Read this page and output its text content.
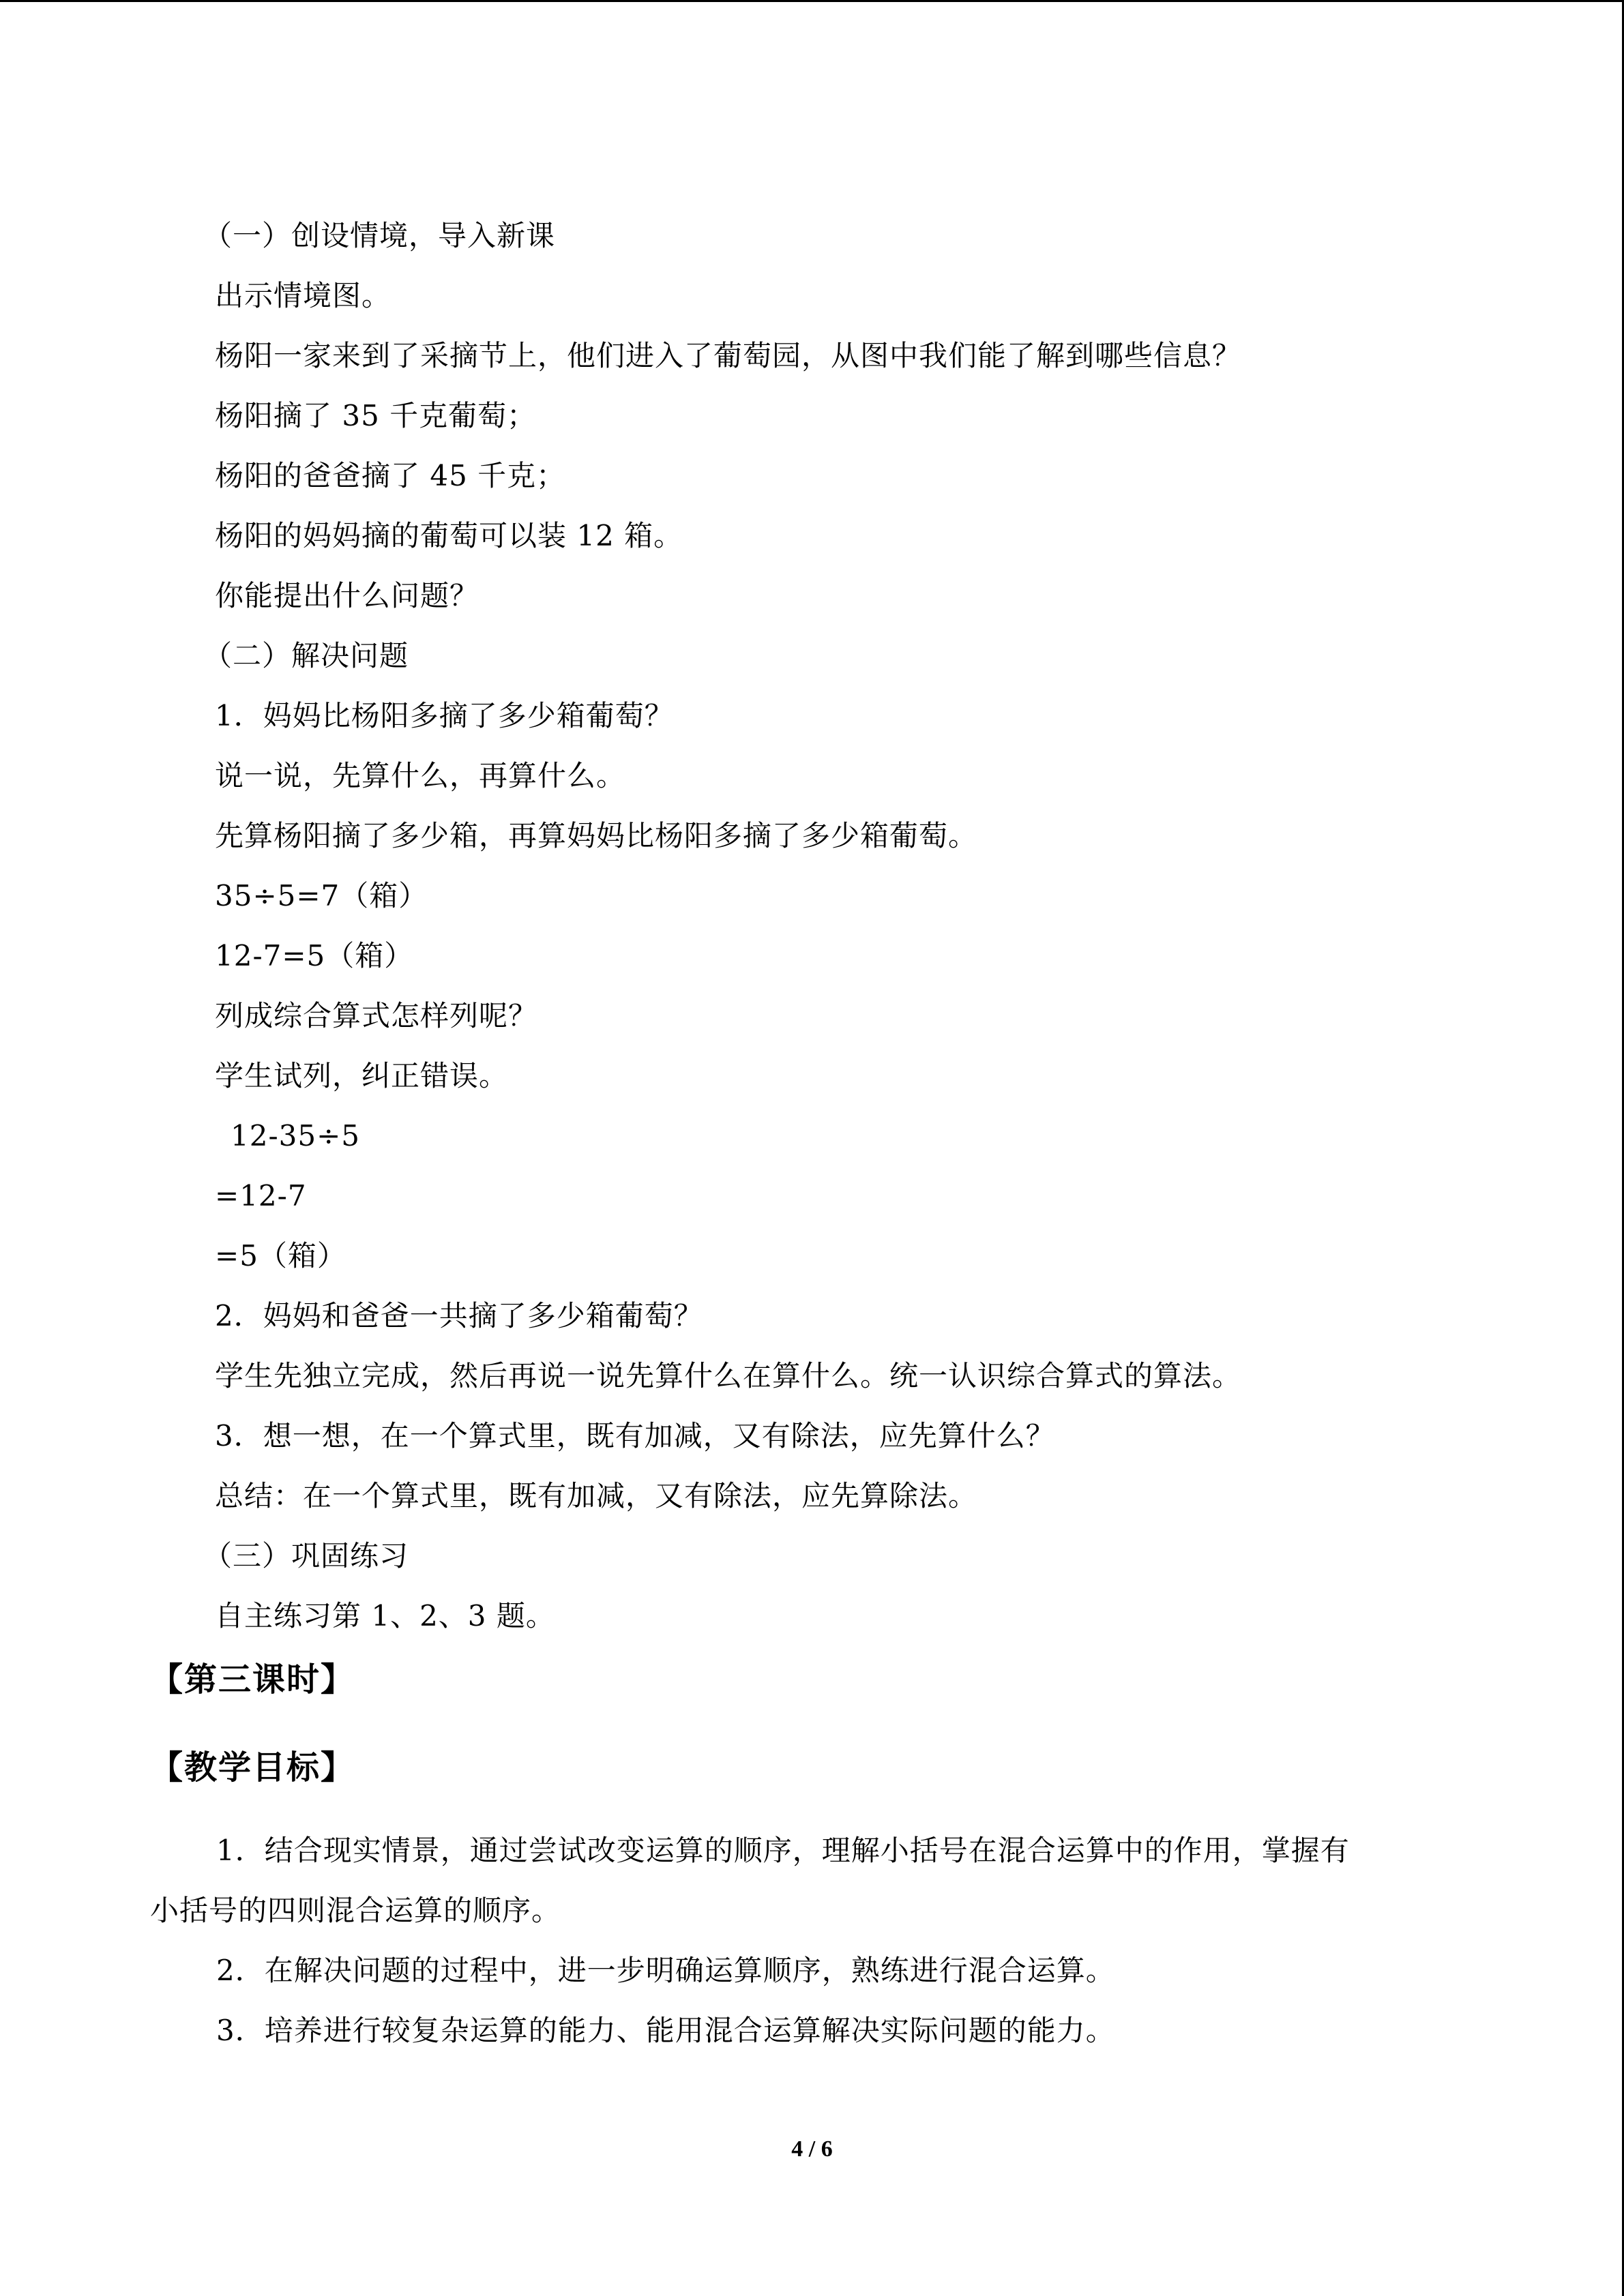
（一）创设情境，导入新课
出示情境图。
杨阳一家来到了采摘节上，他们进入了葡萄园，从图中我们能了解到哪些信息？
杨阳摘了 35 千克葡萄；
杨阳的爸爸摘了 45 千克；
杨阳的妈妈摘的葡萄可以装 12 箱。
你能提出什么问题？
（二）解决问题
1．妈妈比杨阳多摘了多少箱葡萄？
说一说，先算什么，再算什么。
先算杨阳摘了多少箱，再算妈妈比杨阳多摘了多少箱葡萄。
35÷5=7（箱）
12-7=5（箱）
列成综合算式怎样列呢？
学生试列，纠正错误。
12-35÷5
=12-7
=5（箱）
2．妈妈和爸爸一共摘了多少箱葡萄？
学生先独立完成，然后再说一说先算什么在算什么。统一认识综合算式的算法。
3．想一想，在一个算式里，既有加减，又有除法，应先算什么？
总结：在一个算式里，既有加减，又有除法，应先算除法。
（三）巩固练习
自主练习第 1、2、3 题。
【第三课时】
【教学目标】
1．结合现实情景，通过尝试改变运算的顺序，理解小括号在混合运算中的作用，掌握有
小括号的四则混合运算的顺序。
2．在解决问题的过程中，进一步明确运算顺序，熟练进行混合运算。
3．培养进行较复杂运算的能力、能用混合运算解决实际问题的能力。
4 / 6
